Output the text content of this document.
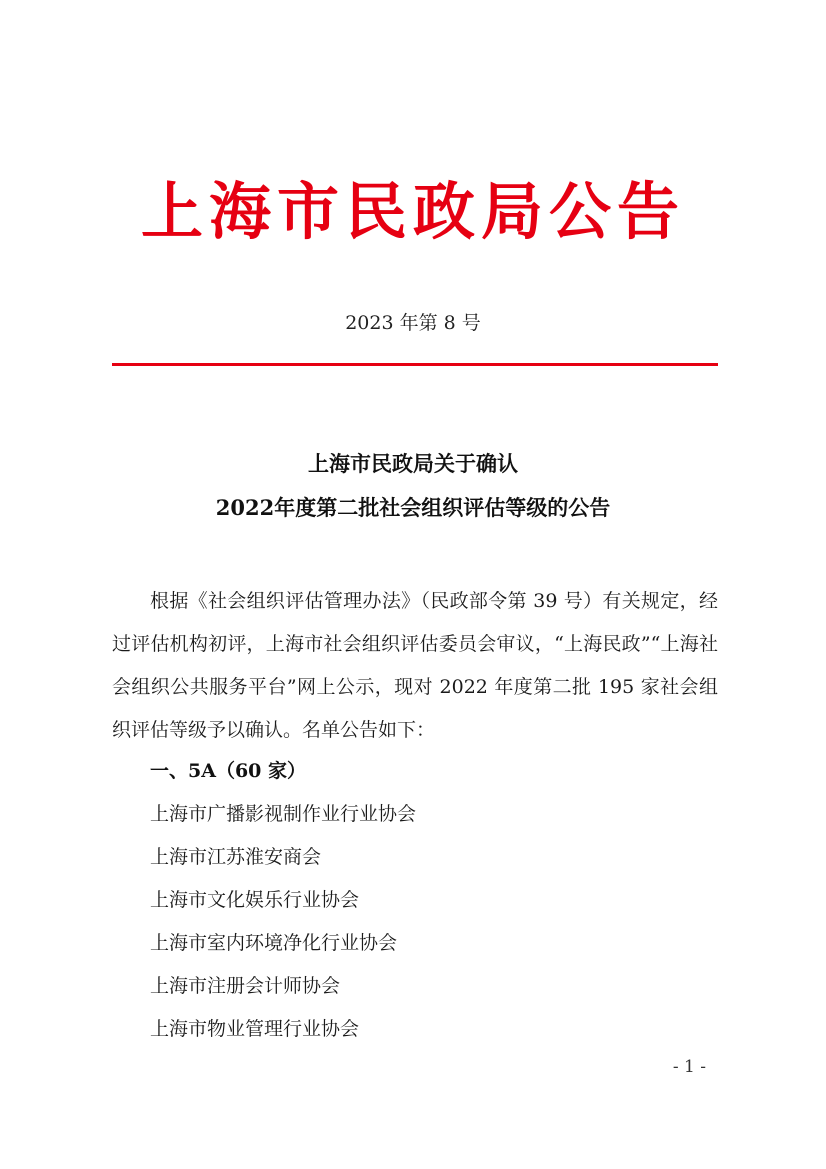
上海市民政局公告
2023 年第 8 号
上海市民政局关于确认
2022年度第二批社会组织评估等级的公告
根据《社会组织评估管理办法》（民政部令第 39 号）有关规定，经过评估机构初评，上海市社会组织评估委员会审议，“上海民政”“上海社会组织公共服务平台”网上公示，现对 2022 年度第二批 195 家社会组织评估等级予以确认。名单公告如下：
一、5A（60 家）
上海市广播影视制作业行业协会
上海市江苏淮安商会
上海市文化娱乐行业协会
上海市室内环境净化行业协会
上海市注册会计师协会
上海市物业管理行业协会
- 1 -
